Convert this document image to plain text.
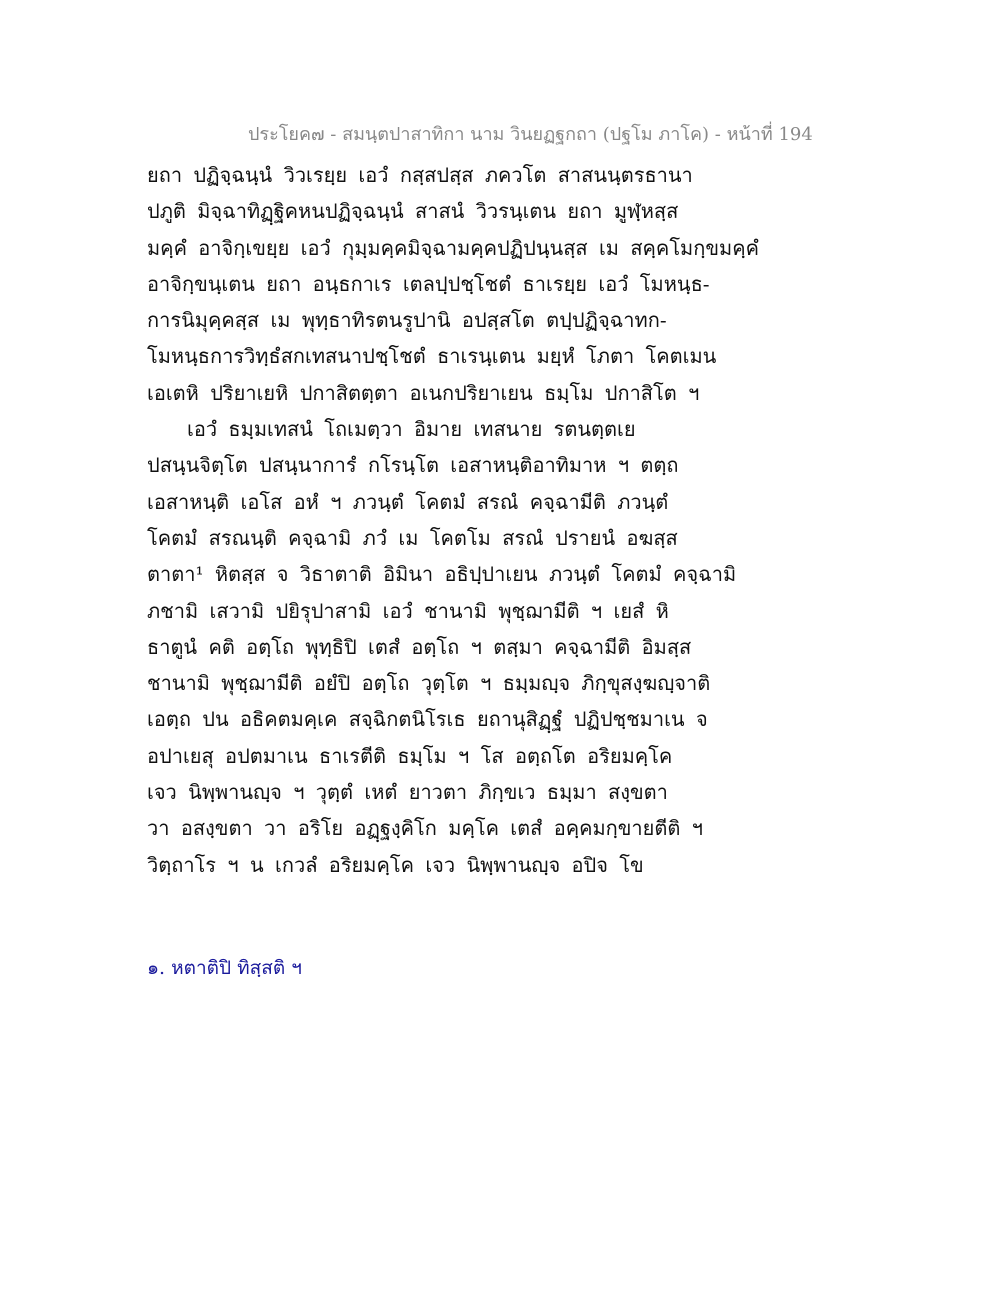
ประโยค๗ - สมนฺตปาสาทิกา นาม วินยฏฐกถา (ปฐโม ภาโค) - หน้าที่ 194
ยถา ปฏิจฺฉนฺนํ วิวเรยฺย เอวํ กสฺสปสฺส ภควโต สาสนนฺตรธานา
ปภูติ มิจฺฉาทิฏฺฐิคหนปฏิจฺฉนฺนํ สาสนํ วิวรนฺเตน ยถา มูฬฺหสฺส
มคฺคํ อาจิกฺเขยฺย เอวํ กุมฺมคฺคมิจฺฉามคฺคปฏิปนฺนสฺส เม สคฺคโมกฺขมคฺคํ
อาจิกฺขนฺเตน ยถา อนฺธกาเร เตลปฺปชฺโชตํ ธาเรยฺย เอวํ โมหนฺธ-
การนิมุคฺคสฺส เม พุทฺธาทิรตนรูปานิ อปสฺสโต ตปฺปฏิจฺฉาทก-
โมหนฺธการวิทฺธํสกเทสนาปชฺโชตํ ธาเรนฺเตน มยฺหํ โภตา โคตเมน
เอเตหิ ปริยาเยหิ ปกาสิตตฺตา อเนกปริยาเยน ธมฺโม ปกาสิโต ฯ
เอวํ ธมฺมเทสนํ โถเมตฺวา อิมาย เทสนาย รตนตฺตเย
ปสนฺนจิตฺโต ปสนฺนาการํ กโรนฺโต เอสาหนฺติอาทิมาห ฯ ตตฺถ
เอสาหนฺติ เอโส อหํ ฯ ภวนฺตํ โคตมํ สรณํ คจฺฉามีติ ภวนฺตํ
โคตมํ สรณนฺติ คจฺฉามิ ภวํ เม โคตโม สรณํ ปรายนํ อฆสฺส
ตาตา¹ หิตสฺส จ วิธาตาติ อิมินา อธิปฺปาเยน ภวนฺตํ โคตมํ คจฺฉามิ
ภชามิ เสวามิ ปยิรุปาสามิ เอวํ ชานามิ พุชฺฌามีติ ฯ เยสํ หิ
ธาตูนํ คติ อตฺโถ พุทฺธิปิ เตสํ อตฺโถ ฯ ตสฺมา คจฺฉามีติ อิมสฺส
ชานามิ พุชฺฌามีติ อยํปิ อตฺโถ วุตฺโต ฯ ธมฺมญฺจ ภิกฺขุสงฺฆญฺจาติ
เอตฺถ ปน อธิคตมคฺเค สจฺฉิกตนิโรเธ ยถานุสิฏฺฐํ ปฏิปชฺชมาเน จ
อปาเยสุ อปตมาเน ธาเรตีติ ธมฺโม ฯ โส อตฺถโต อริยมคฺโค
เจว นิพฺพานญฺจ ฯ วุตฺตํ เหตํ ยาวตา ภิกฺขเว ธมฺมา สงฺขตา
วา อสงฺขตา วา อริโย อฏฺฐงฺคิโก มคฺโค เตสํ อคฺคมกฺขายตีติ ฯ
วิตฺถาโร ฯ น เกวลํ อริยมคฺโค เจว นิพฺพานญฺจ อปิจ โข
๑. หตาติปิ ทิสฺสติ ฯ
